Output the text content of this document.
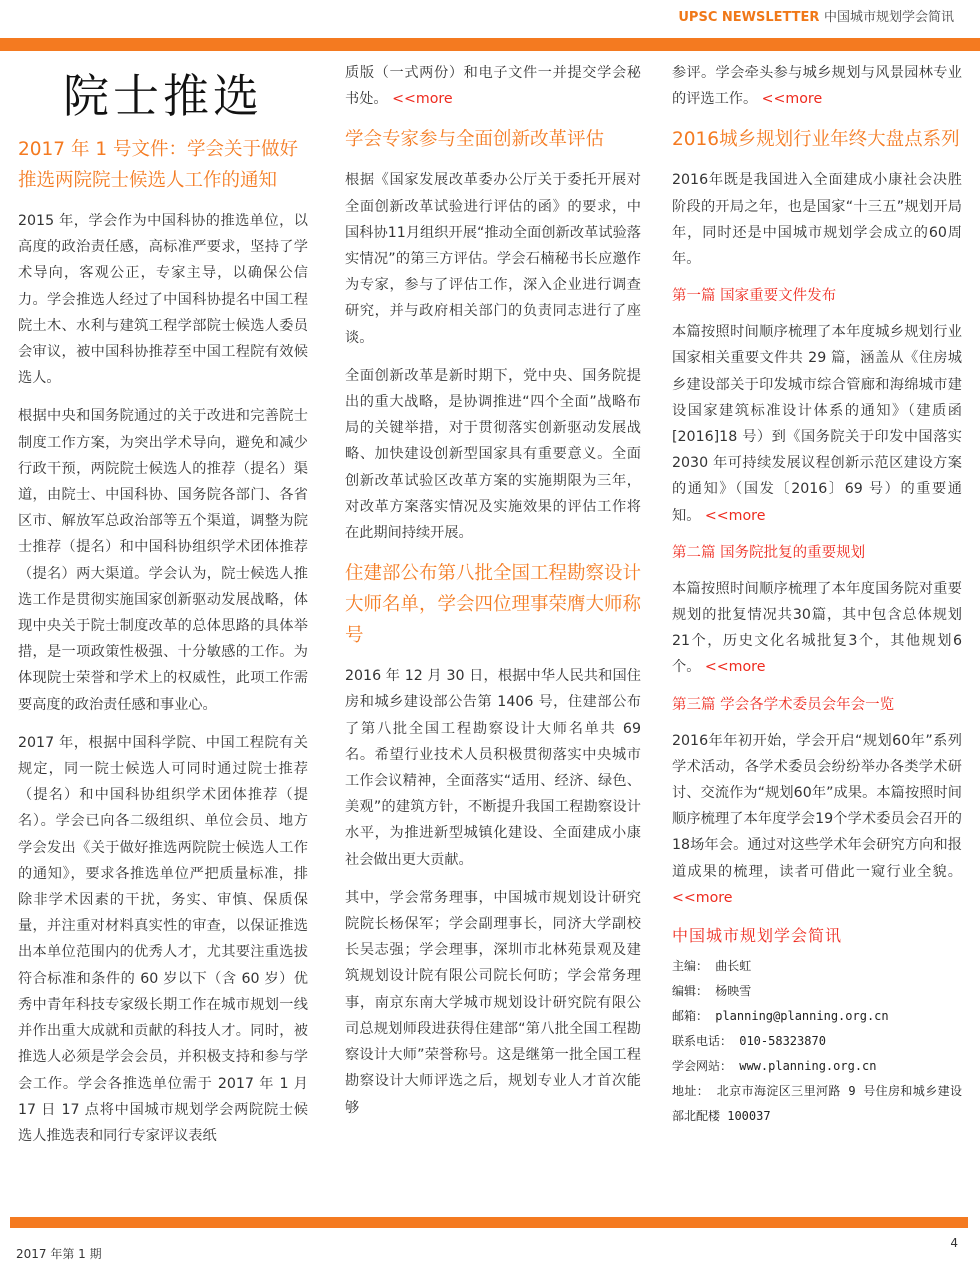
UPSC NEWSLETTER 中国城市规划学会简讯
院士推选
2017 年 1 号文件：学会关于做好推选两院院士候选人工作的通知

2015 年，学会作为中国科协的推选单位，以高度的政治责任感，高标准严要求，坚持了学术导向，客观公正，专家主导，以确保公信力。学会推选人经过了中国科协提名中国工程院土木、水利与建筑工程学部院士候选人委员会审议，被中国科协推荐至中国工程院有效候选人。

根据中央和国务院通过的关于改进和完善院士制度工作方案，为突出学术导向，避免和减少行政干预，两院院士候选人的推荐（提名）渠道，由院士、中国科协、国务院各部门、各省区市、解放军总政治部等五个渠道，调整为院士推荐（提名）和中国科协组织学术团体推荐（提名）两大渠道。学会认为，院士候选人推选工作是贯彻实施国家创新驱动发展战略，体现中央关于院士制度改革的总体思路的具体举措，是一项政策性极强、十分敏感的工作。为体现院士荣誉和学术上的权威性，此项工作需要高度的政治责任感和事业心。

2017 年，根据中国科学院、中国工程院有关规定，同一院士候选人可同时通过院士推荐（提名）和中国科协组织学术团体推荐（提名）。学会已向各二级组织、单位会员、地方学会发出《关于做好推选两院院士候选人工作的通知》，要求各推选单位严把质量标准，排除非学术因素的干扰，务实、审慎、保质保量，并注重对材料真实性的审查，以保证推选出本单位范围内的优秀人才，尤其要注重选拔符合标准和条件的 60 岁以下（含 60 岁）优秀中青年科技专家级长期工作在城市规划一线并作出重大成就和贡献的科技人才。同时，被推选人必须是学会会员，并积极支持和参与学会工作。学会各推选单位需于 2017 年 1 月 17 日 17 点将中国城市规划学会两院院士候选人推选表和同行专家评议表纸

质版（一式两份）和电子文件一并提交学会秘书处。 <<more

学会专家参与全面创新改革评估

根据《国家发展改革委办公厅关于委托开展对全面创新改革试验进行评估的函》的要求，中国科协11月组织开展“推动全面创新改革试验落实情况”的第三方评估。学会石楠秘书长应邀作为专家，参与了评估工作，深入企业进行调查研究，并与政府相关部门的负责同志进行了座谈。

全面创新改革是新时期下，党中央、国务院提出的重大战略，是协调推进“四个全面”战略布局的关键举措，对于贯彻落实创新驱动发展战略、加快建设创新型国家具有重要意义。全面创新改革试验区改革方案的实施期限为三年，对改革方案落实情况及实施效果的评估工作将在此期间持续开展。

住建部公布第八批全国工程勘察设计大师名单，学会四位理事荣膺大师称号

2016 年 12 月 30 日，根据中华人民共和国住房和城乡建设部公告第 1406 号，住建部公布了第八批全国工程勘察设计大师名单共 69 名。希望行业技术人员积极贯彻落实中央城市工作会议精神，全面落实“适用、经济、绿色、美观”的建筑方针，不断提升我国工程勘察设计水平，为推进新型城镇化建设、全面建成小康社会做出更大贡献。

其中，学会常务理事，中国城市规划设计研究院院长杨保军；学会副理事长，同济大学副校长吴志强；学会理事，深圳市北林苑景观及建筑规划设计院有限公司院长何昉；学会常务理事，南京东南大学城市规划设计研究院有限公司总规划师段进获得住建部“第八批全国工程勘察设计大师”荣誉称号。这是继第一批全国工程勘察设计大师评选之后，规划专业人才首次能够

参评。学会牵头参与城乡规划与风景园林专业的评选工作。 <<more

2016城乡规划行业年终大盘点系列

2016年既是我国进入全面建成小康社会决胜阶段的开局之年，也是国家“十三五”规划开局年，同时还是中国城市规划学会成立的60周年。

第一篇 国家重要文件发布

本篇按照时间顺序梳理了本年度城乡规划行业国家相关重要文件共 29 篇，涵盖从《住房城乡建设部关于印发城市综合管廊和海绵城市建设国家建筑标准设计体系的通知》（建质函[2016]18 号）到《国务院关于印发中国落实 2030 年可持续发展议程创新示范区建设方案的通知》（国发〔2016〕69 号）的重要通知。 <<more

第二篇 国务院批复的重要规划

本篇按照时间顺序梳理了本年度国务院对重要规划的批复情况共30篇，其中包含总体规划21个，历史文化名城批复3个，其他规划6个。 <<more

第三篇 学会各学术委员会年会一览

2016年年初开始，学会开启“规划60年”系列学术活动，各学术委员会纷纷举办各类学术研讨、交流作为“规划60年”成果。本篇按照时间顺序梳理了本年度学会19个学术委员会召开的18场年会。通过对这些学术年会研究方向和报道成果的梳理，读者可借此一窥行业全貌。 <<more

中国城市规划学会简讯

主编： 曲长虹

编辑： 杨映雪

邮箱： planning@planning.org.cn

联系电话： 010-58323870

学会网站： www.planning.org.cn

地址： 北京市海淀区三里河路 9 号住房和城乡建设部北配楼 100037

2017 年第 1 期
4
